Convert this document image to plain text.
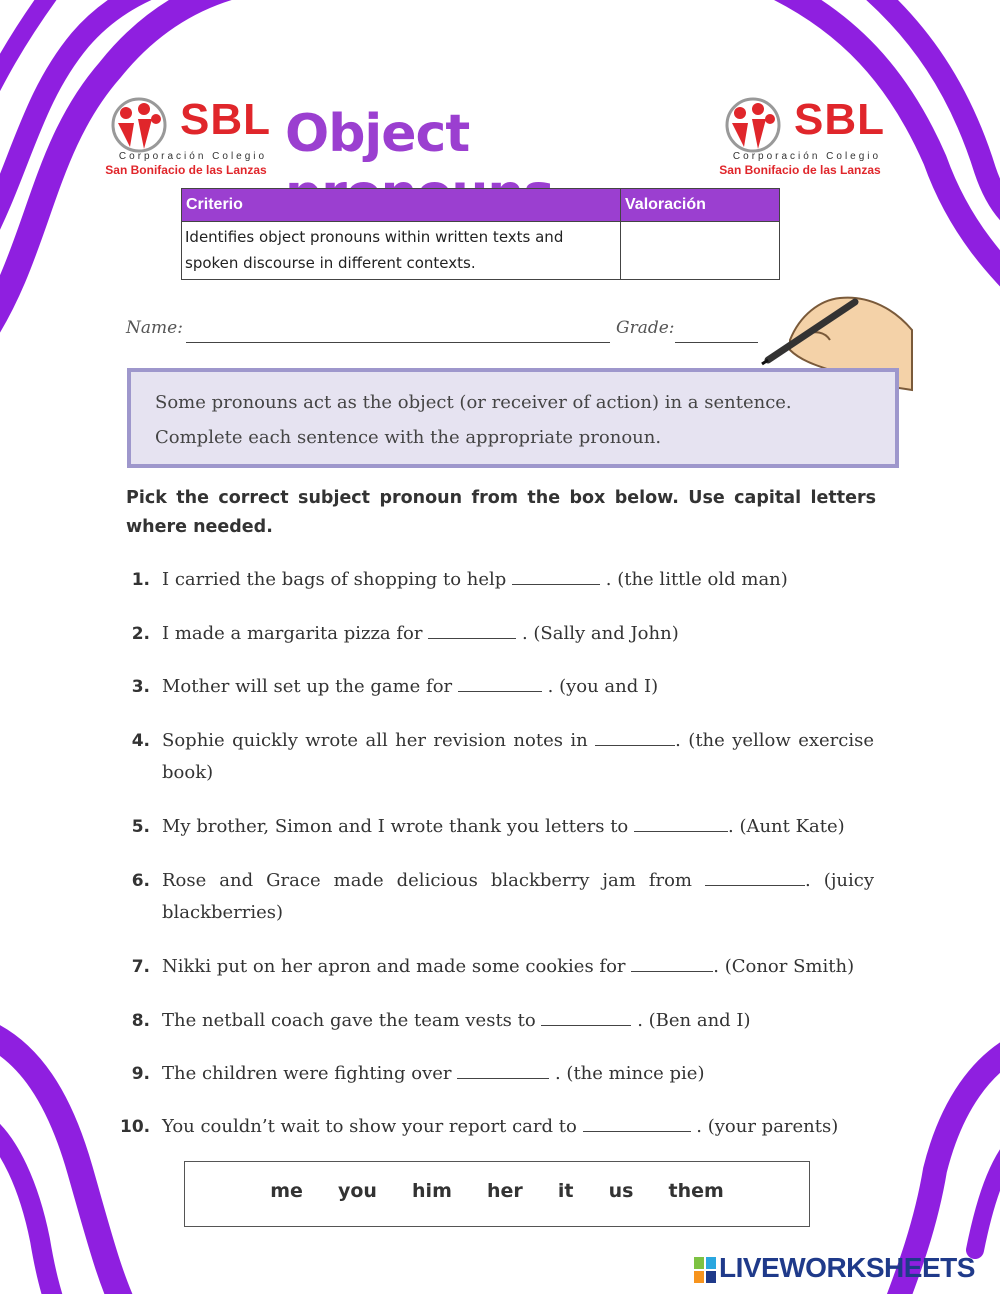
SBL
Corporación Colegio
San Bonifacio de las Lanzas
Object	SBL
Corporación Colegio
San Bonifacio de las Lanzas
Criterio	Valoración
Identifies object pronouns within written texts and spoken discourse in different contexts.	
Name:	Grade:

Some pronouns act as the object (or receiver of action) in a sentence.

Complete each sentence with the appropriate pronoun.

Pick the correct subject pronoun from the box below. Use capital letters where needed.
1. I carried the bags of shopping to help	. (the little old man)
2. I made a margarita pizza for	. (Sally and John)
3. Mother will set up the game for	. (you and I)
4. Sophie quickly wrote all her revision notes in	. (the yellow exercise book)
5. My brother, Simon and I wrote thank you letters to	. (Aunt Kate)
6. Rose and Grace made delicious blackberry jam from	. (juicy blackberries)
7. Nikki put on her apron and made some cookies for	. (Conor Smith)
8. The netball coach gave the team vests to	. (Ben and I)
9. The children were fighting over	. (the mince pie)
10. You couldn’t wait to show your report card to	. (your parents)
me you him her it us them
LIVEWORKSHEETS
